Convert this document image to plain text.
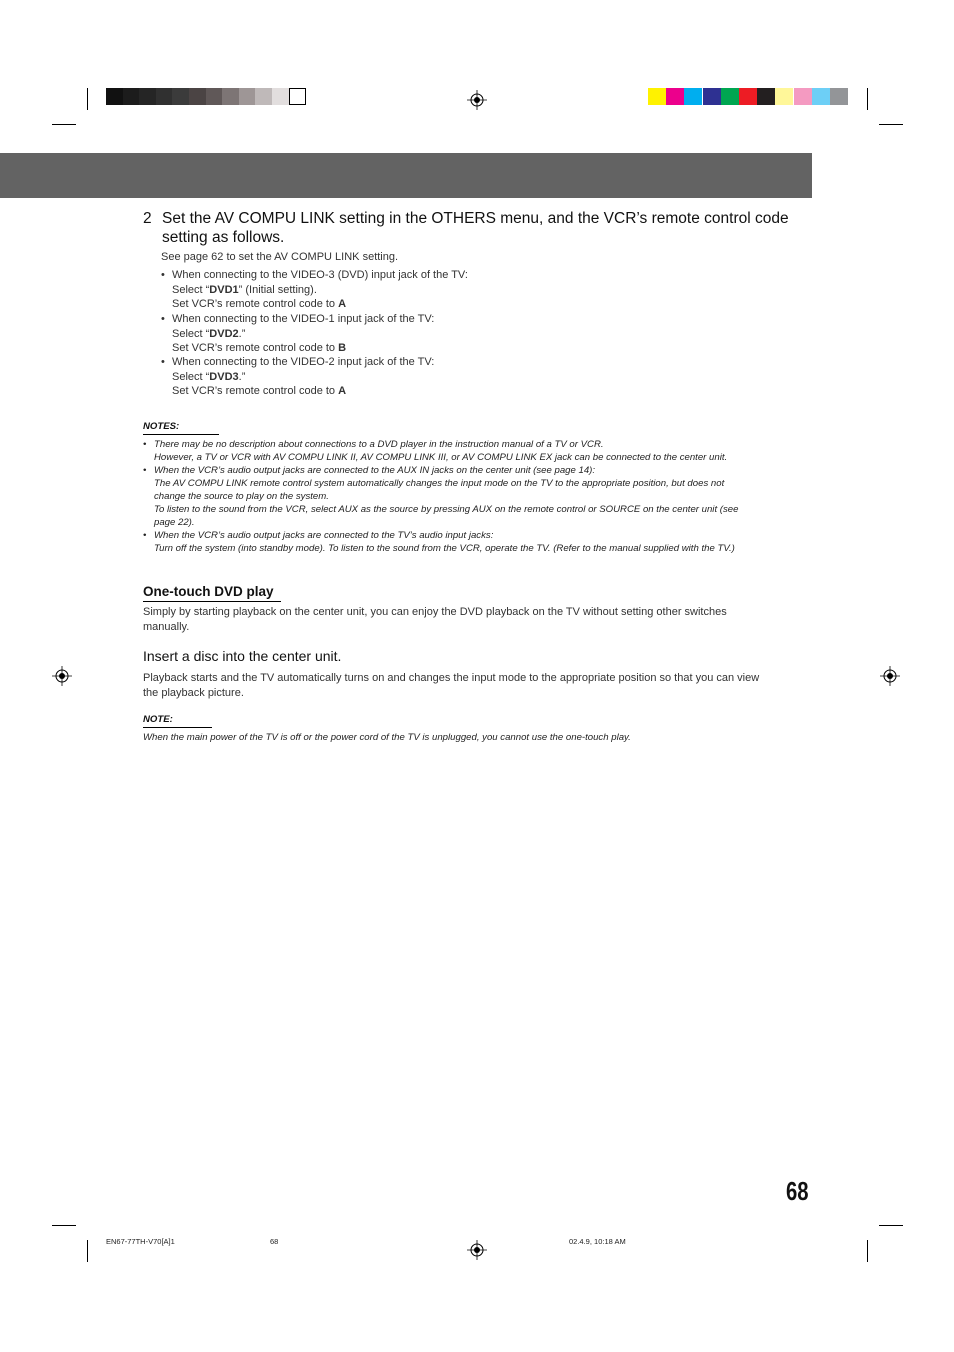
2 Set the AV COMPU LINK setting in the OTHERS menu, and the VCR’s remote control code setting as follows.
See page 62 to set the AV COMPU LINK setting.
• When connecting to the VIDEO-3 (DVD) input jack of the TV:
Select “DVD1” (Initial setting).
Set VCR’s remote control code to A
• When connecting to the VIDEO-1 input jack of the TV:
Select “DVD2.”
Set VCR’s remote control code to B
• When connecting to the VIDEO-2 input jack of the TV:
Select “DVD3.”
Set VCR’s remote control code to A
NOTES:
• There may be no description about connections to a DVD player in the instruction manual of a TV or VCR.
However, a TV or VCR with AV COMPU LINK II, AV COMPU LINK III, or AV COMPU LINK EX jack can be connected to the center unit.
• When the VCR’s audio output jacks are connected to the AUX IN jacks on the center unit (see page 14):
The AV COMPU LINK remote control system automatically changes the input mode on the TV to the appropriate position, but does not
change the source to play on the system.
To listen to the sound from the VCR, select AUX as the source by pressing AUX on the remote control or SOURCE on the center unit (see
page 22).
• When the VCR’s audio output jacks are connected to the TV’s audio input jacks:
Turn off the system (into standby mode). To listen to the sound from the VCR, operate the TV. (Refer to the manual supplied with the TV.)
One-touch DVD play
Simply by starting playback on the center unit, you can enjoy the DVD playback on the TV without setting other switches
manually.
Insert a disc into the center unit.
Playback starts and the TV automatically turns on and changes the input mode to the appropriate position so that you can view
the playback picture.
NOTE:
When the main power of the TV is off or the power cord of the TV is unplugged, you cannot use the one-touch play.
68
EN67-77TH-V70[A]1	68	02.4.9, 10:18 AM
